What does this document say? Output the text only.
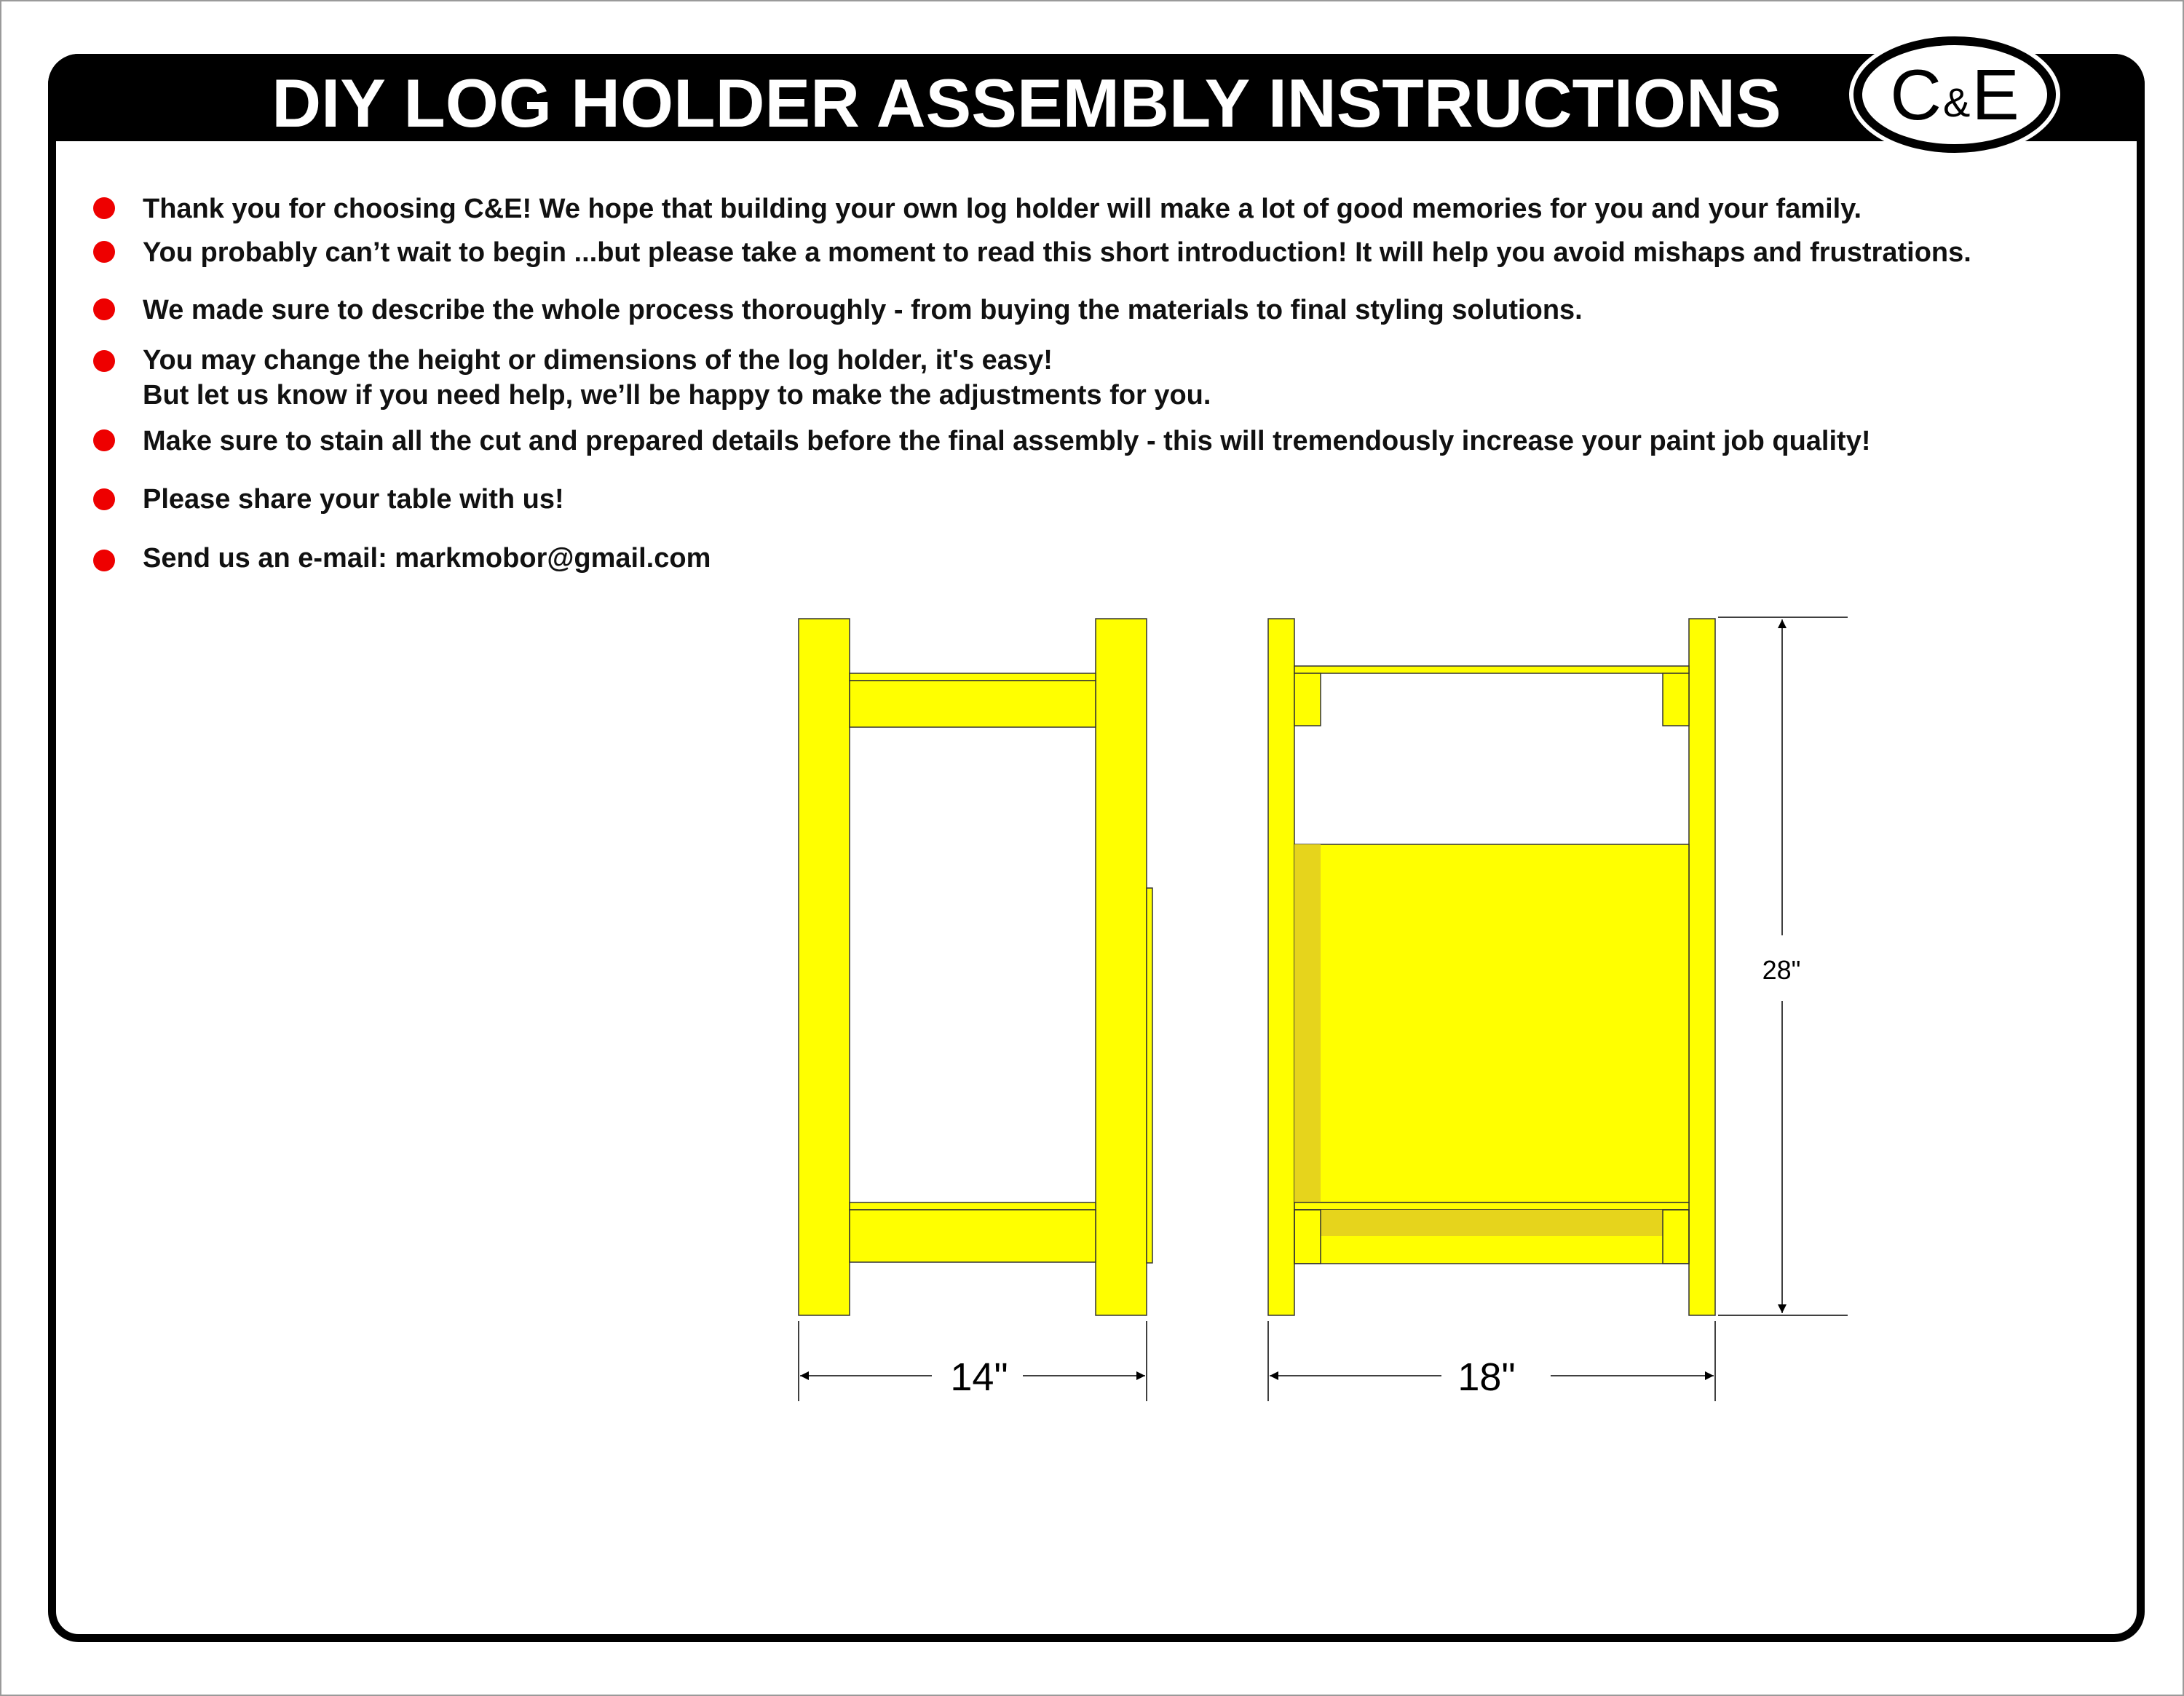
DIY LOG HOLDER ASSEMBLY INSTRUCTIONS	C & E
Thank you for choosing C&E! We hope that building your own log holder will make a lot of good memories for you and your family.
You probably can’t wait to begin ...but please take a moment to read this short introduction! It will help you avoid mishaps and frustrations.
We made sure to describe the whole process thoroughly - from buying the materials to final styling solutions.
You may change the height or dimensions of the log holder, it's easy!
But let us know if you need help, we’ll be happy to make the adjustments for you.
Make sure to stain all the cut and prepared details before the final assembly - this will tremendously increase your paint job quality!
Please share your table with us!
Send us an e-mail: markmobor@gmail.com
14"	18"
28"
